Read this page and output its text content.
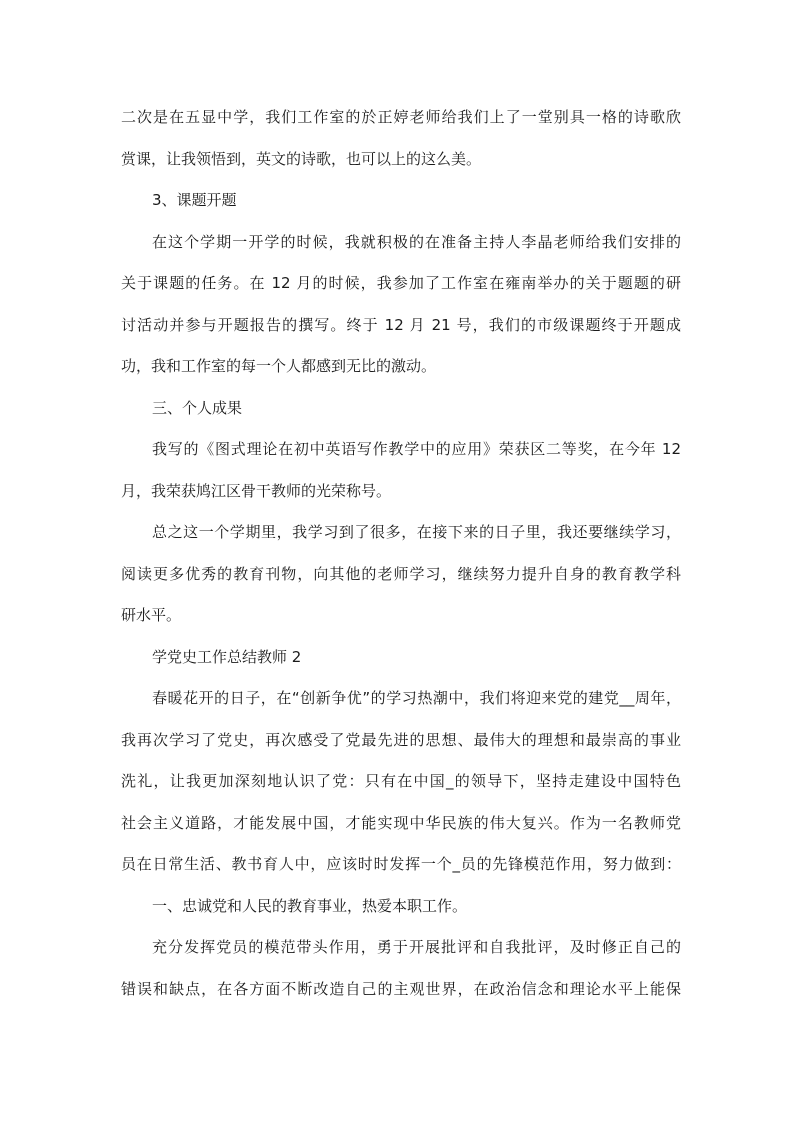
二次是在五显中学，我们工作室的於正婷老师给我们上了一堂别具一格的诗歌欣
赏课，让我领悟到，英文的诗歌，也可以上的这么美。
3、课题开题
在这个学期一开学的时候，我就积极的在准备主持人李晶老师给我们安排的
关于课题的任务。在 12 月的时候，我参加了工作室在雍南举办的关于题题的研
讨活动并参与开题报告的撰写。终于 12 月 21 号，我们的市级课题终于开题成
功，我和工作室的每一个人都感到无比的激动。
三、个人成果
我写的《图式理论在初中英语写作教学中的应用》荣获区二等奖，在今年 12
月，我荣获鸠江区骨干教师的光荣称号。
总之这一个学期里，我学习到了很多，在接下来的日子里，我还要继续学习，
阅读更多优秀的教育刊物，向其他的老师学习，继续努力提升自身的教育教学科
研水平。
学党史工作总结教师 2
春暖花开的日子，在“创新争优”的学习热潮中，我们将迎来党的建党__周年，
我再次学习了党史，再次感受了党最先进的思想、最伟大的理想和最崇高的事业
洗礼，让我更加深刻地认识了党：只有在中国_的领导下，坚持走建设中国特色
社会主义道路，才能发展中国，才能实现中华民族的伟大复兴。作为一名教师党
员在日常生活、教书育人中，应该时时发挥一个_员的先锋模范作用，努力做到：
一、忠诚党和人民的教育事业，热爱本职工作。
充分发挥党员的模范带头作用，勇于开展批评和自我批评，及时修正自己的
错误和缺点，在各方面不断改造自己的主观世界，在政治信念和理论水平上能保
